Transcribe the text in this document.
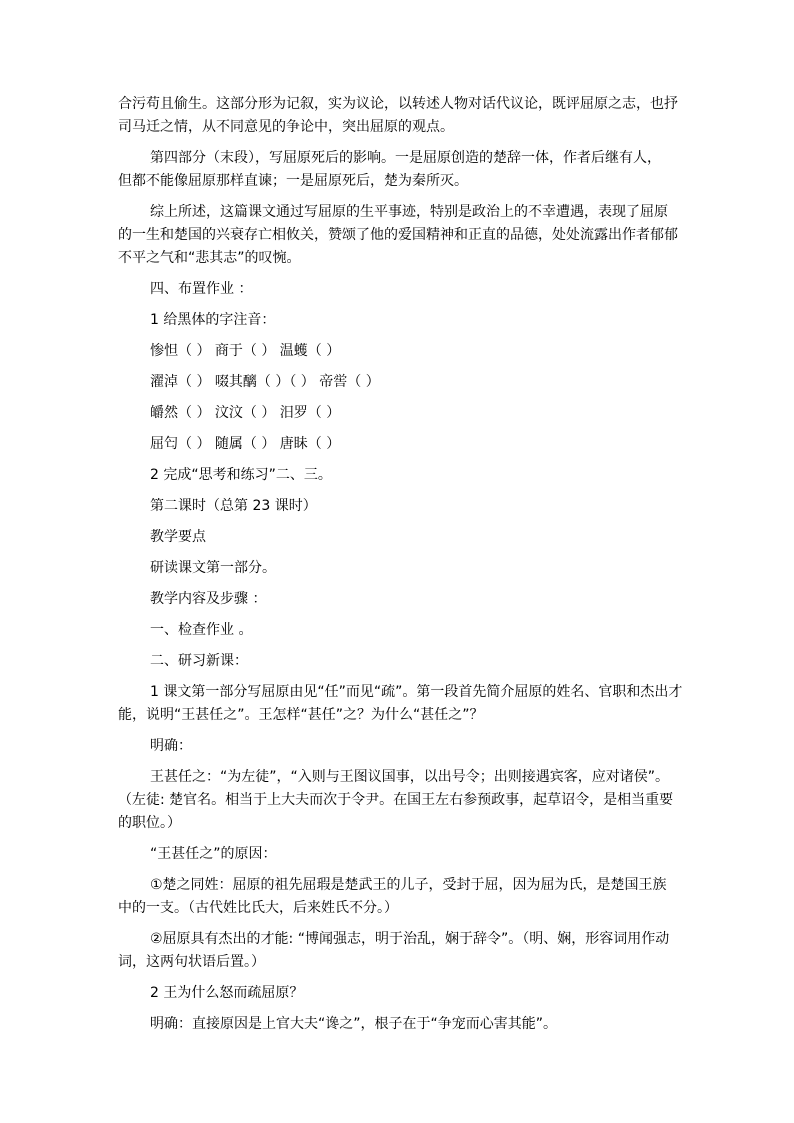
合污苟且偷生。这部分形为记叙，实为议论，以转述人物对话代议论，既评屈原之志，也抒
司马迁之情，从不同意见的争论中，突出屈原的观点。
第四部分（末段），写屈原死后的影响。一是屈原创造的楚辞一体，作者后继有人，
但都不能像屈原那样直谏；一是屈原死后，楚为秦所灭。
综上所述，这篇课文通过写屈原的生平事迹，特别是政治上的不幸遭遇，表现了屈原
的一生和楚国的兴衰存亡相攸关，赞颂了他的爱国精神和正直的品德，处处流露出作者郁郁
不平之气和“悲其志”的叹惋。
四、布置作业 ：
1 给黑体的字注音：
惨怛（ ） 商于（ ） 温蠖（ ）
濯淖（ ） 啜其醨（ ）（ ） 帝喾（ ）
皭然（ ） 汶汶（ ） 汨罗（ ）
屈匄（ ） 随属（ ） 唐眛（ ）
2 完成“思考和练习”二、三。
第二课时（总第 23 课时）
教学要点
研读课文第一部分。
教学内容及步骤 ：
一、检查作业 。
二、研习新课：
1 课文第一部分写屈原由见“任”而见“疏”。第一段首先简介屈原的姓名、官职和杰出才
能，说明“王甚任之”。王怎样“甚任”之？为什么“甚任之”？
明确：
王甚任之：“为左徒”，“入则与王图议国事，以出号令；出则接遇宾客，应对诸侯”。
（左徒: 楚官名。相当于上大夫而次于令尹。在国王左右参预政事，起草诏令，是相当重要
的职位。）
“王甚任之”的原因：
①楚之同姓：屈原的祖先屈瑕是楚武王的儿子，受封于屈，因为屈为氏，是楚国王族
中的一支。（古代姓比氏大，后来姓氏不分。）
②屈原具有杰出的才能: “博闻强志，明于治乱，娴于辞令”。（明、娴，形容词用作动
词，这两句状语后置。）
2 王为什么怒而疏屈原？
明确：直接原因是上官大夫“谗之”，根子在于“争宠而心害其能”。
